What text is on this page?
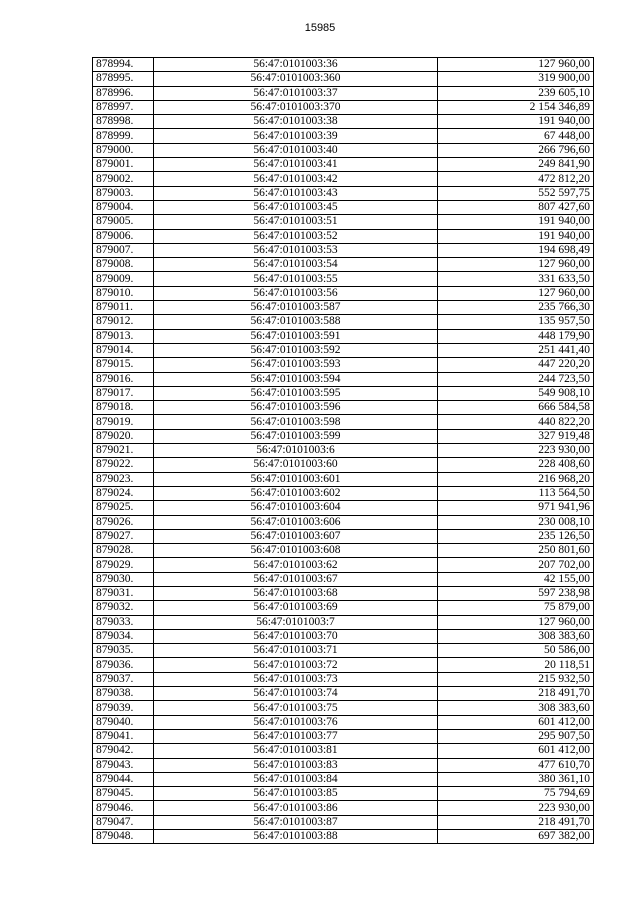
15985
878994.	56:47:0101003:36	127 960,00
878995.	56:47:0101003:360	319 900,00
878996.	56:47:0101003:37	239 605,10
878997.	56:47:0101003:370	2 154 346,89
878998.	56:47:0101003:38	191 940,00
878999.	56:47:0101003:39	67 448,00
879000.	56:47:0101003:40	266 796,60
879001.	56:47:0101003:41	249 841,90
879002.	56:47:0101003:42	472 812,20
879003.	56:47:0101003:43	552 597,75
879004.	56:47:0101003:45	807 427,60
879005.	56:47:0101003:51	191 940,00
879006.	56:47:0101003:52	191 940,00
879007.	56:47:0101003:53	194 698,49
879008.	56:47:0101003:54	127 960,00
879009.	56:47:0101003:55	331 633,50
879010.	56:47:0101003:56	127 960,00
879011.	56:47:0101003:587	235 766,30
879012.	56:47:0101003:588	135 957,50
879013.	56:47:0101003:591	448 179,90
879014.	56:47:0101003:592	251 441,40
879015.	56:47:0101003:593	447 220,20
879016.	56:47:0101003:594	244 723,50
879017.	56:47:0101003:595	549 908,10
879018.	56:47:0101003:596	666 584,58
879019.	56:47:0101003:598	440 822,20
879020.	56:47:0101003:599	327 919,48
879021.	56:47:0101003:6	223 930,00
879022.	56:47:0101003:60	228 408,60
879023.	56:47:0101003:601	216 968,20
879024.	56:47:0101003:602	113 564,50
879025.	56:47:0101003:604	971 941,96
879026.	56:47:0101003:606	230 008,10
879027.	56:47:0101003:607	235 126,50
879028.	56:47:0101003:608	250 801,60
879029.	56:47:0101003:62	207 702,00
879030.	56:47:0101003:67	42 155,00
879031.	56:47:0101003:68	597 238,98
879032.	56:47:0101003:69	75 879,00
879033.	56:47:0101003:7	127 960,00
879034.	56:47:0101003:70	308 383,60
879035.	56:47:0101003:71	50 586,00
879036.	56:47:0101003:72	20 118,51
879037.	56:47:0101003:73	215 932,50
879038.	56:47:0101003:74	218 491,70
879039.	56:47:0101003:75	308 383,60
879040.	56:47:0101003:76	601 412,00
879041.	56:47:0101003:77	295 907,50
879042.	56:47:0101003:81	601 412,00
879043.	56:47:0101003:83	477 610,70
879044.	56:47:0101003:84	380 361,10
879045.	56:47:0101003:85	75 794,69
879046.	56:47:0101003:86	223 930,00
879047.	56:47:0101003:87	218 491,70
879048.	56:47:0101003:88	697 382,00
